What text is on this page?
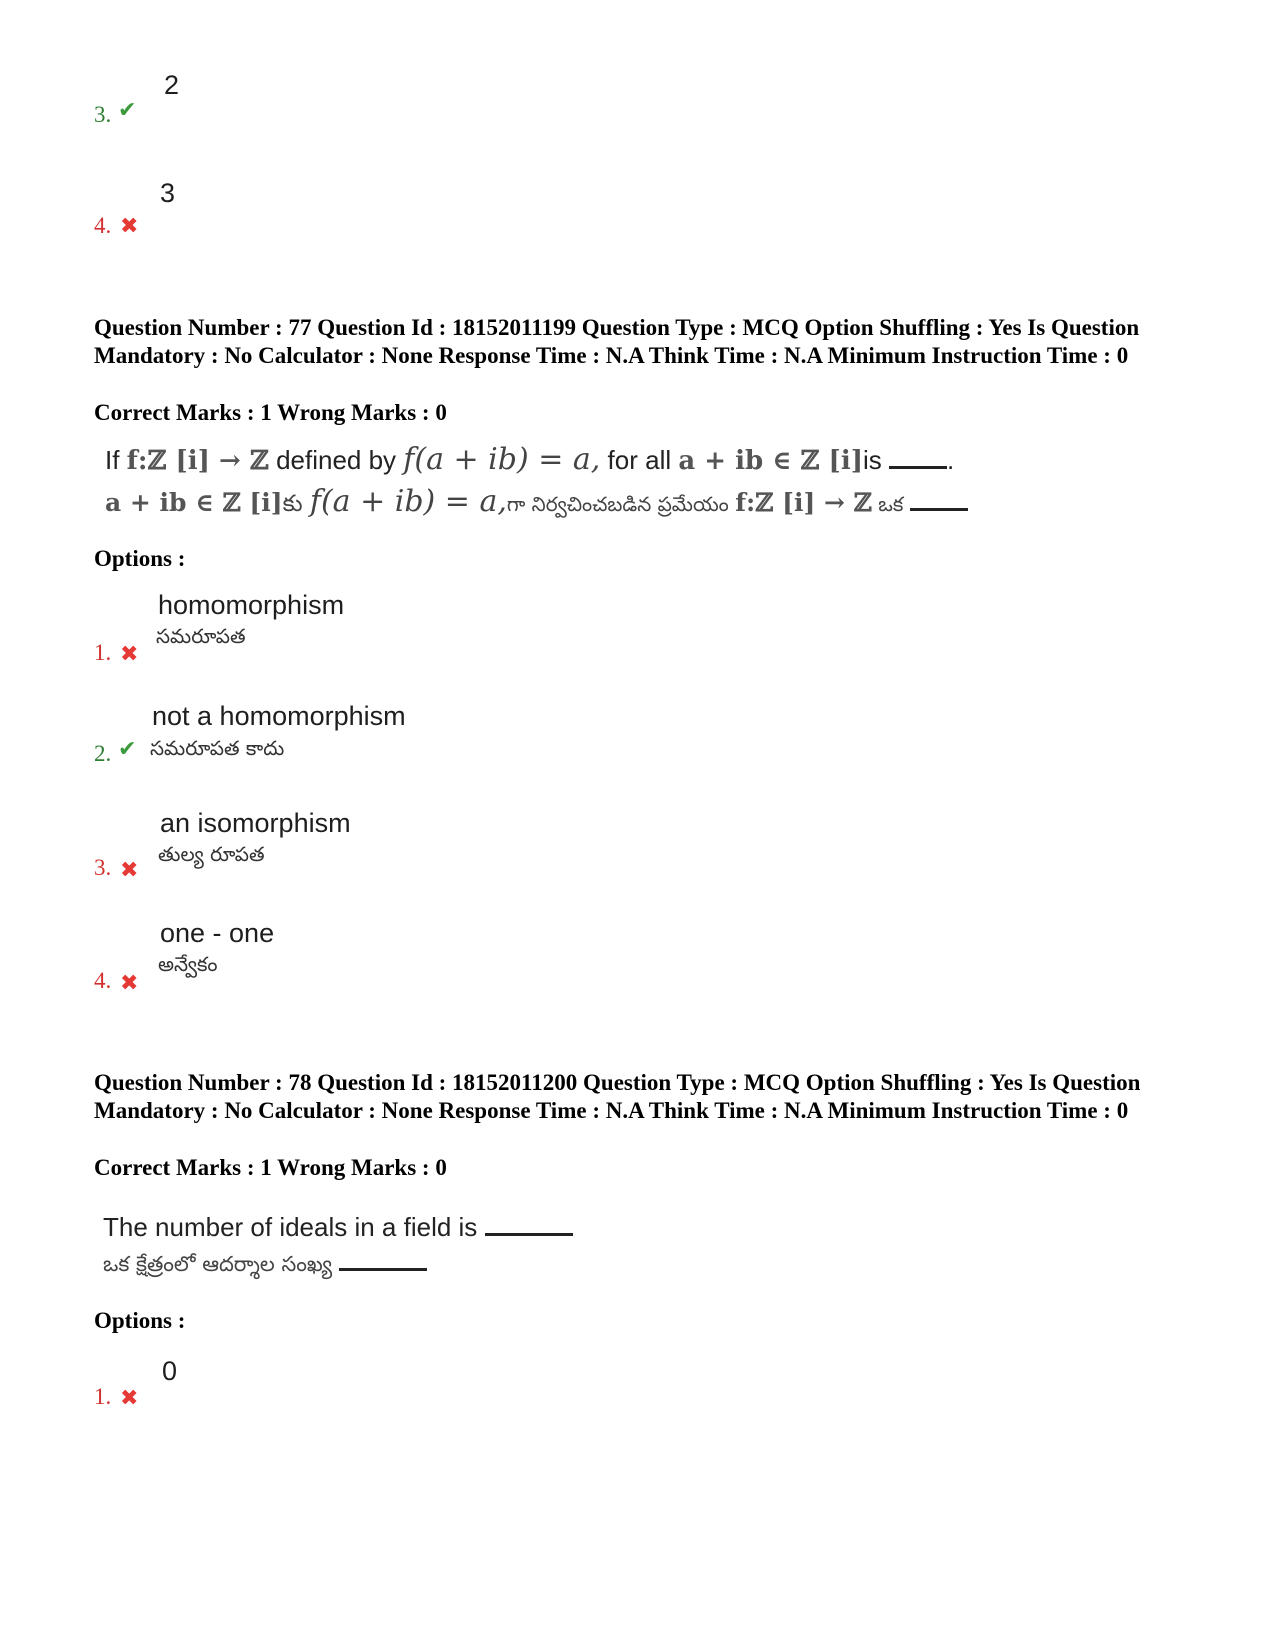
2
3. ✔
3
4. ✖
Question Number : 77 Question Id : 18152011199 Question Type : MCQ Option Shuffling : Yes Is Question Mandatory : No Calculator : None Response Time : N.A Think Time : N.A Minimum Instruction Time : 0
Correct Marks : 1 Wrong Marks : 0
If f:ℤ [i] → ℤ defined by f(a + ib) = a, for all a + ib ∈ ℤ [i]is .
a + ib ∈ ℤ [i]కు f(a + ib) = a,గా నిర్వచించబడిన ప్రమేయం f:ℤ [i] → ℤ ఒక
Options :
homomorphism
సమరూపత
1. ✖
not a homomorphism
సమరూపత కాదు
2. ✔
an isomorphism
తుల్య రూపత
3. ✖
one - one
అన్వేకం
4. ✖
Question Number : 78 Question Id : 18152011200 Question Type : MCQ Option Shuffling : Yes Is Question Mandatory : No Calculator : None Response Time : N.A Think Time : N.A Minimum Instruction Time : 0
Correct Marks : 1 Wrong Marks : 0
The number of ideals in a field is
ఒక క్షేత్రంలో ఆదర్శాల సంఖ్య
Options :
0
1. ✖
